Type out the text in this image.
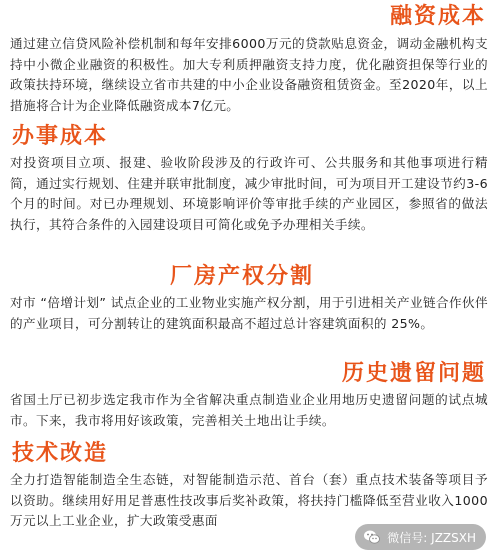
融资成本

通过建立信贷风险补偿机制和每年安排6000万元的贷款贴息资金，调动金融机构支持中小微企业融资的积极性。加大专利质押融资支持力度，优化融资担保等行业的政策扶持环境，继续设立省市共建的中小企业设备融资租赁资金。至2020年，以上措施将合计为企业降低融资成本7亿元。

办事成本

对投资项目立项、报建、验收阶段涉及的行政许可、公共服务和其他事项进行精简，通过实行规划、住建并联审批制度，减少审批时间，可为项目开工建设节约3-6个月的时间。对已办理规划、环境影响评价等审批手续的产业园区，参照省的做法执行，其符合条件的入园建设项目可简化或免予办理相关手续。

厂房产权分割

对市 “倍增计划” 试点企业的工业物业实施产权分割，用于引进相关产业链合作伙伴的产业项目，可分割转让的建筑面积最高不超过总计容建筑面积的 25%。

历史遗留问题

省国土厅已初步选定我市作为全省解决重点制造业企业用地历史遗留问题的试点城市。下来，我市将用好该政策，完善相关土地出让手续。

技术改造

全力打造智能制造全生态链，对智能制造示范、首台（套）重点技术装备等项目予以资助。继续用好用足普惠性技改事后奖补政策，将扶持门槛降低至营业收入1000 万元以上工业企业，扩大政策受惠面

微信号: JZZSXH
